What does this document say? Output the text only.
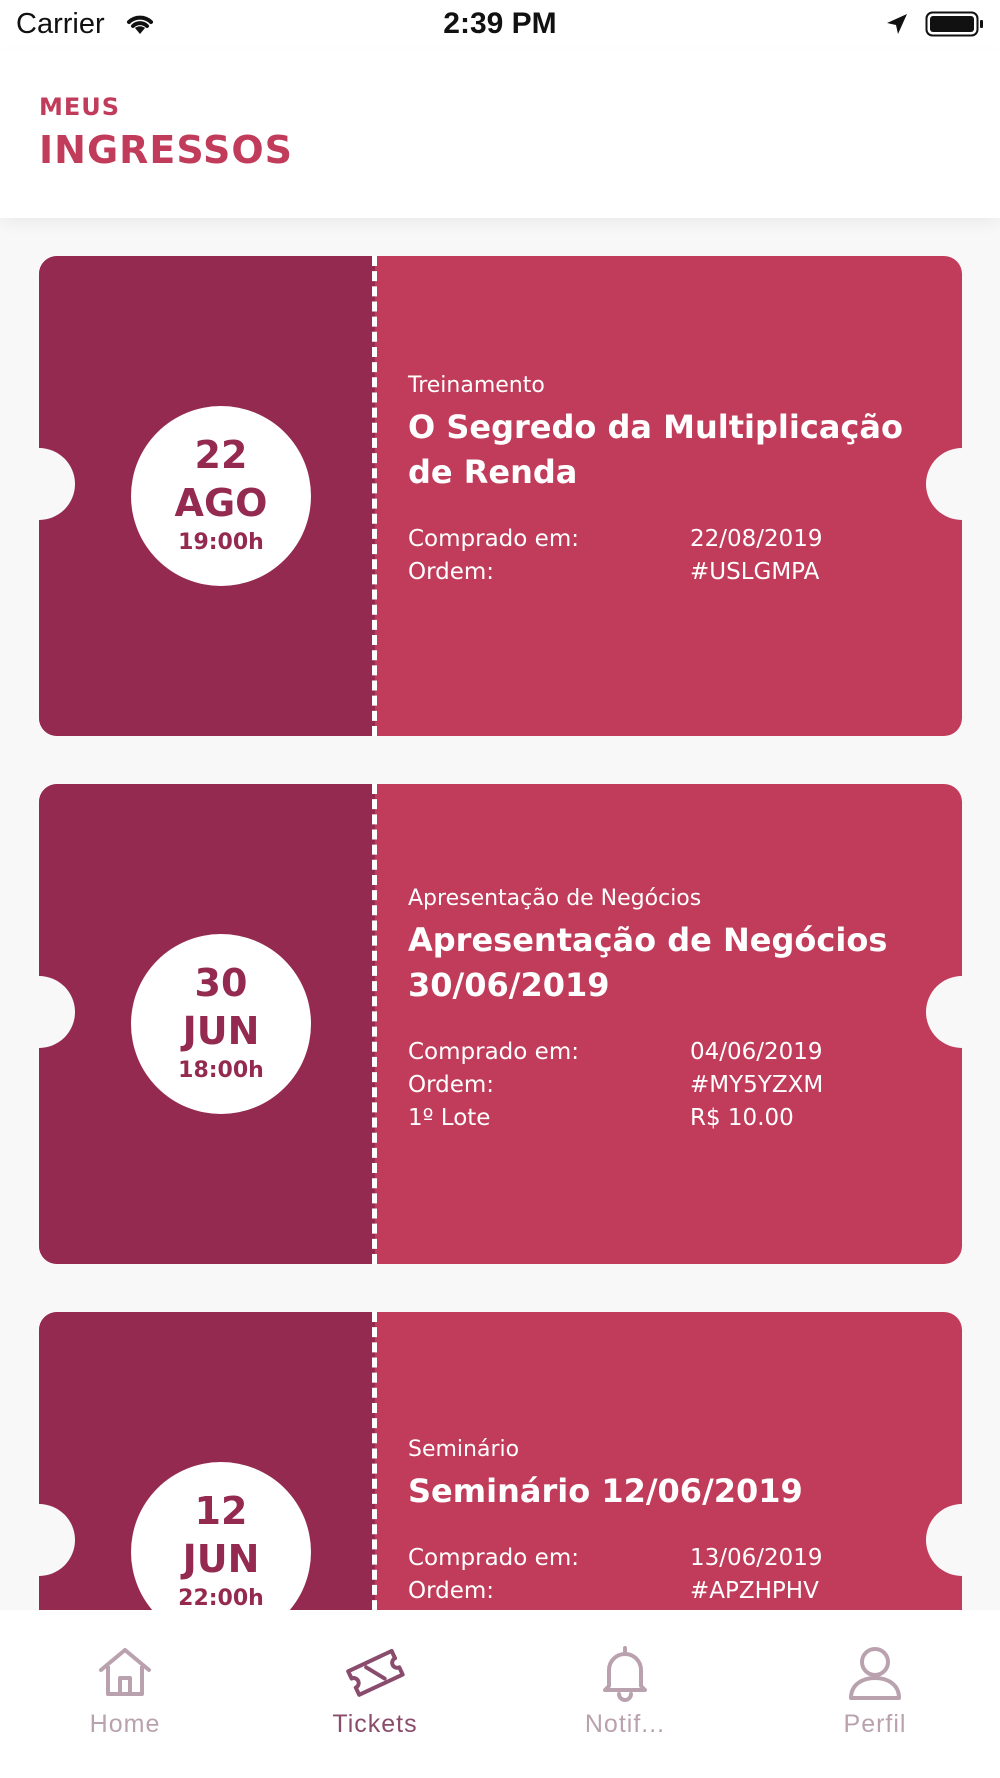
Carrier	2:39 PM
MEUS
INGRESSOS
22
AGO
19:00h
Treinamento
O Segredo da Multiplicação de Renda
Comprado em:	22/08/2019
Ordem:	#USLGMPA
30
JUN
18:00h
Apresentação de Negócios
Apresentação de Negócios 30/06/2019
Comprado em:	04/06/2019
Ordem:	#MY5YZXM
1º Lote	R$ 10.00
12
JUN
22:00h
Seminário
Seminário 12/06/2019
Comprado em:	13/06/2019
Ordem:	#APZHPHV
Home	Tickets	Notif...	Perfil
